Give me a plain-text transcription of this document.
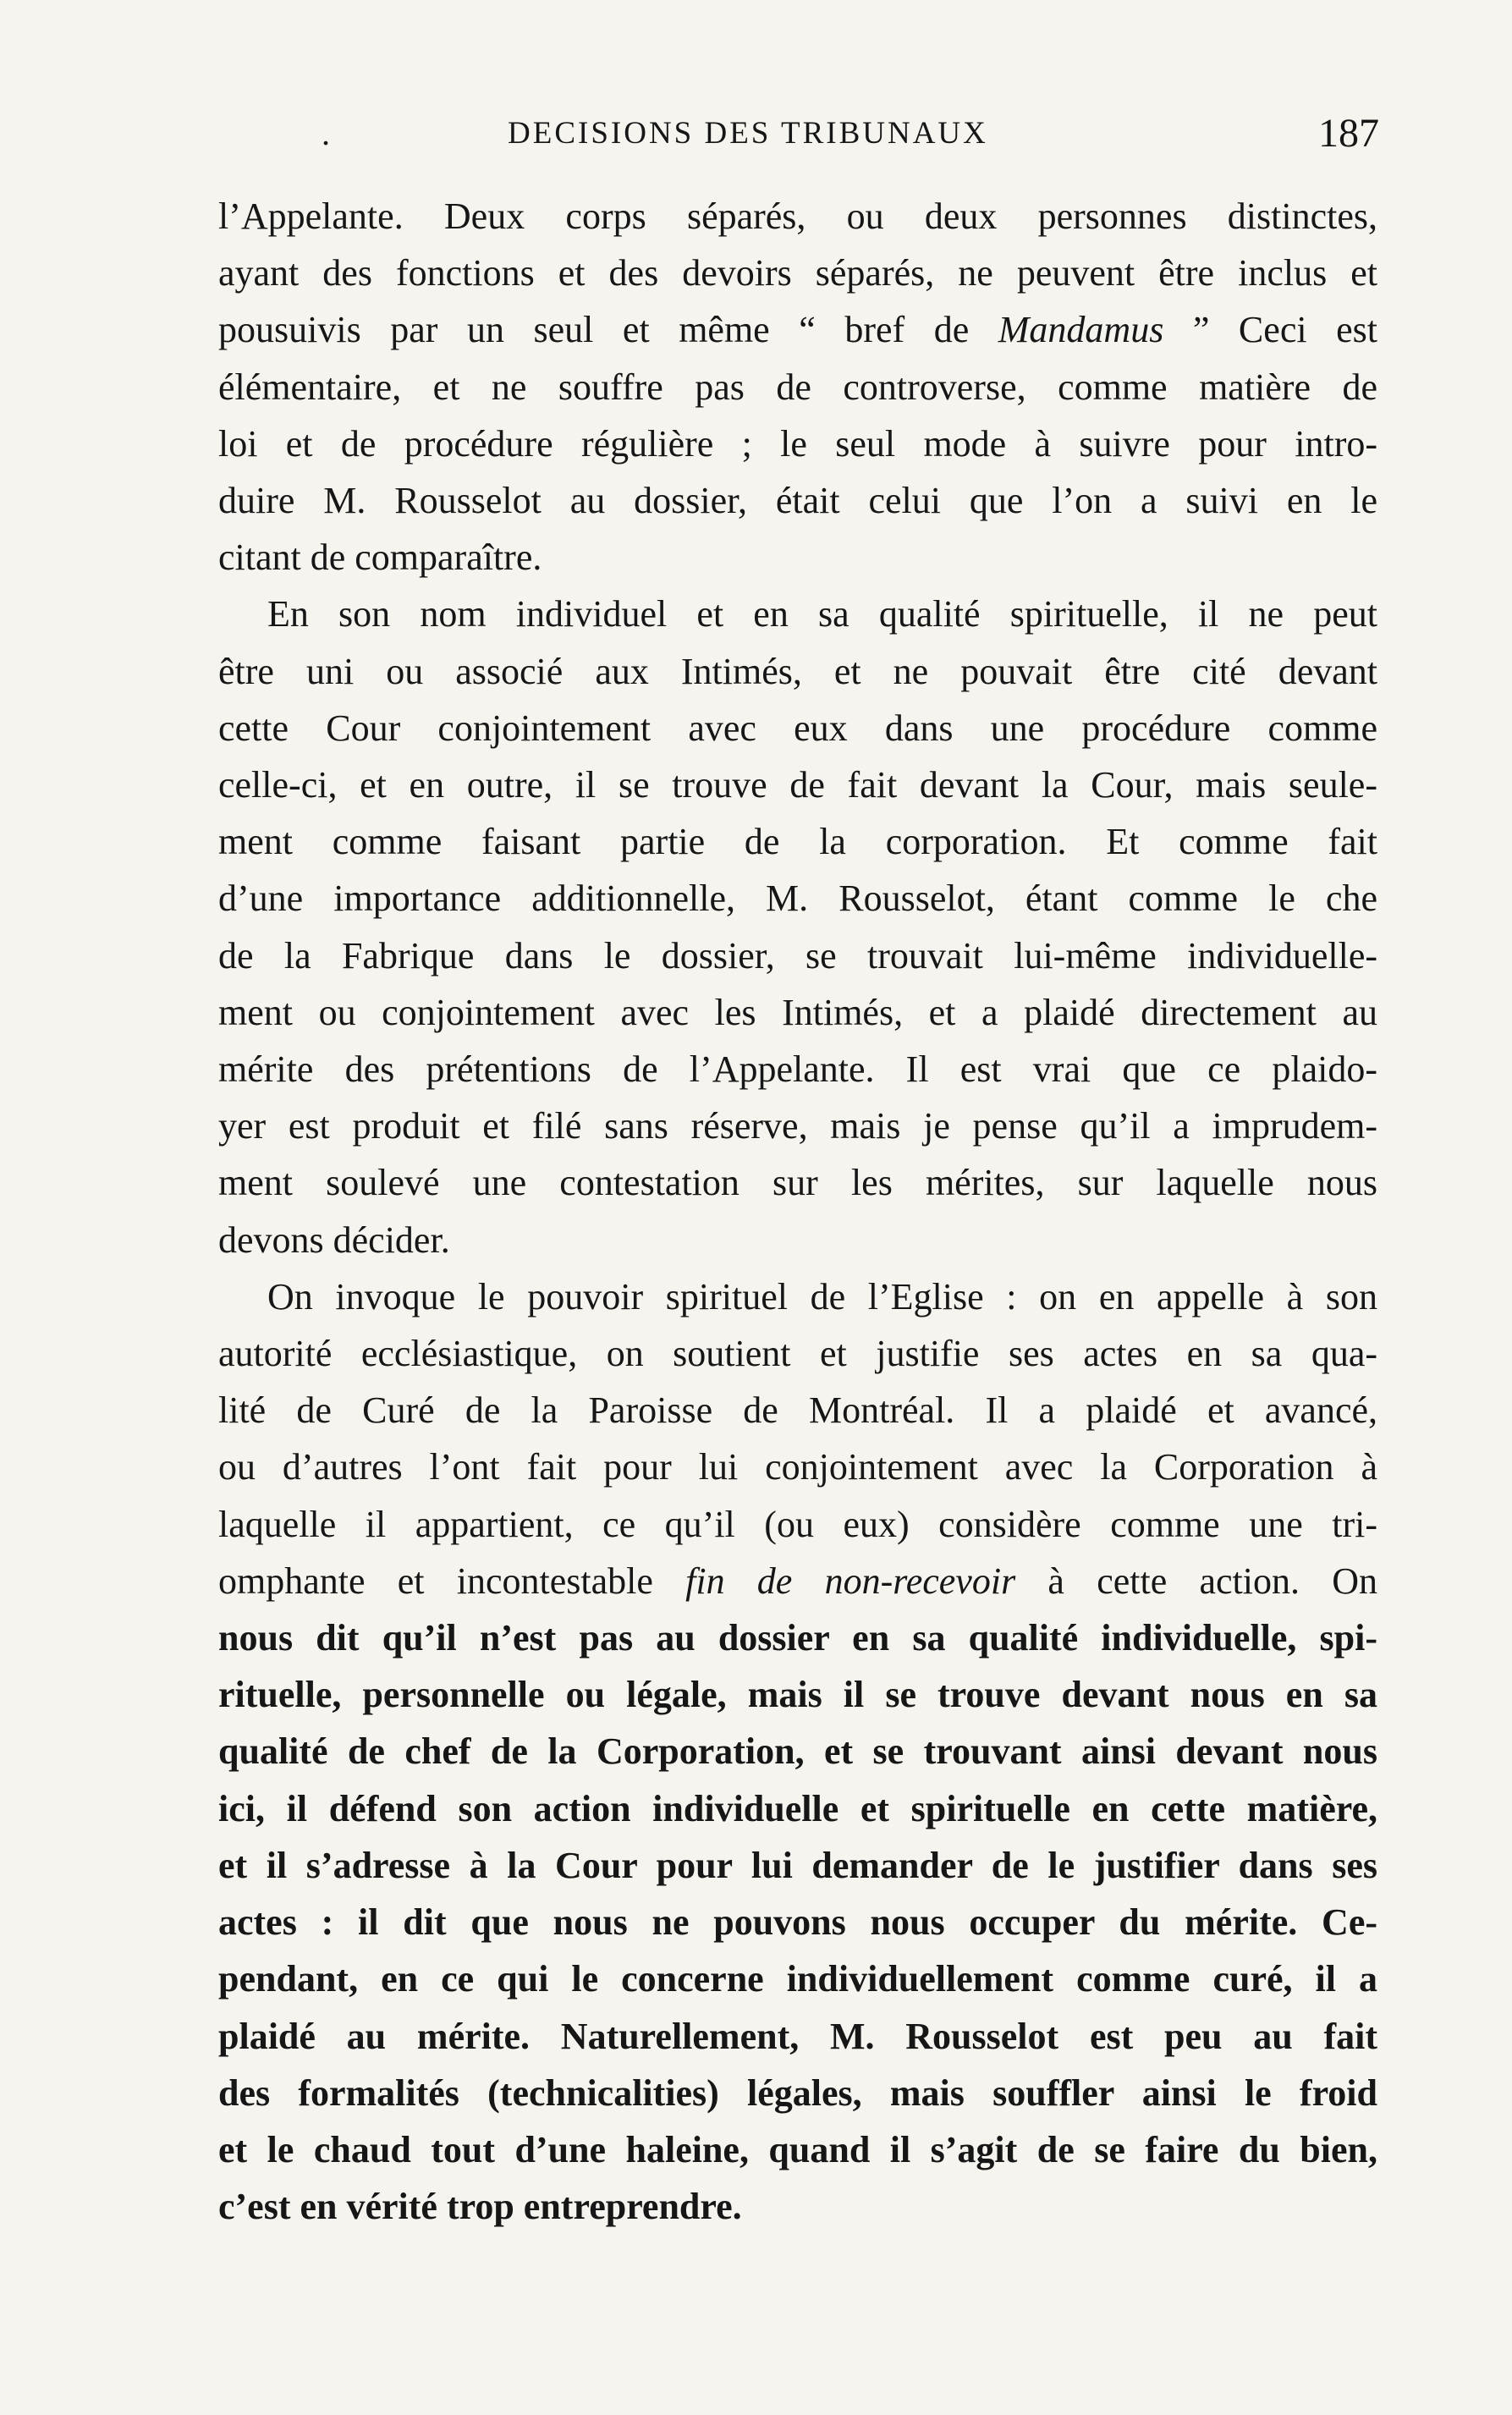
.	DECISIONS DES TRIBUNAUX	187

l’Appelante. Deux corps séparés, ou deux personnes distinctes,
ayant des fonctions et des devoirs séparés, ne peuvent être inclus et
pousuivis par un seul et même “ bref de Mandamus ” Ceci est
élémentaire, et ne souffre pas de controverse, comme matière de
loi et de procédure régulière ; le seul mode à suivre pour intro-
duire M. Rousselot au dossier, était celui que l’on a suivi en le
citant de comparaître.

En son nom individuel et en sa qualité spirituelle, il ne peut
être uni ou associé aux Intimés, et ne pouvait être cité devant
cette Cour conjointement avec eux dans une procédure comme
celle-ci, et en outre, il se trouve de fait devant la Cour, mais seule-
ment comme faisant partie de la corporation. Et comme fait
d’une importance additionnelle, M. Rousselot, étant comme le che
de la Fabrique dans le dossier, se trouvait lui-même individuelle-
ment ou conjointement avec les Intimés, et a plaidé directement au
mérite des prétentions de l’Appelante. Il est vrai que ce plaido-
yer est produit et filé sans réserve, mais je pense qu’il a imprudem-
ment soulevé une contestation sur les mérites, sur laquelle nous
devons décider.

On invoque le pouvoir spirituel de l’Eglise : on en appelle à son
autorité ecclésiastique, on soutient et justifie ses actes en sa qua-
lité de Curé de la Paroisse de Montréal. Il a plaidé et avancé,
ou d’autres l’ont fait pour lui conjointement avec la Corporation à
laquelle il appartient, ce qu’il (ou eux) considère comme une tri-
omphante et incontestable fin de non-recevoir à cette action. On
nous dit qu’il n’est pas au dossier en sa qualité individuelle, spi-
rituelle, personnelle ou légale, mais il se trouve devant nous en sa
qualité de chef de la Corporation, et se trouvant ainsi devant nous
ici, il défend son action individuelle et spirituelle en cette matière,
et il s’adresse à la Cour pour lui demander de le justifier dans ses
actes : il dit que nous ne pouvons nous occuper du mérite. Ce-
pendant, en ce qui le concerne individuellement comme curé, il a
plaidé au mérite. Naturellement, M. Rousselot est peu au fait
des formalités (technicalities) légales, mais souffler ainsi le froid
et le chaud tout d’une haleine, quand il s’agit de se faire du bien,
c’est en vérité trop entreprendre.
